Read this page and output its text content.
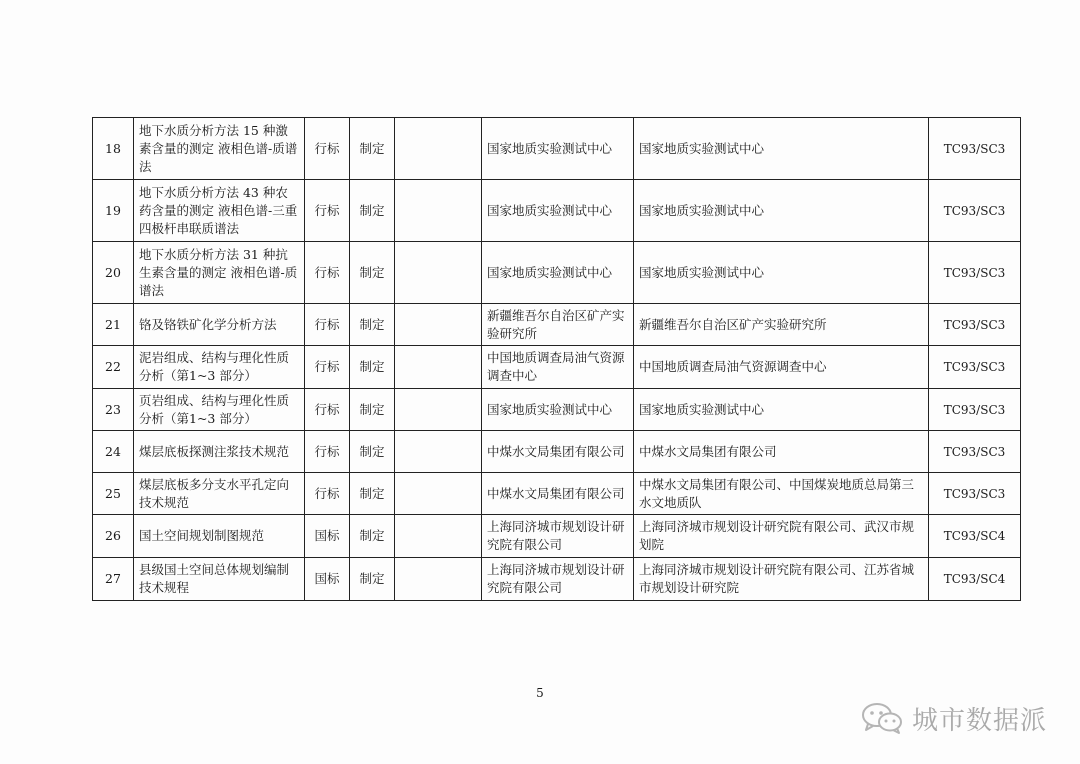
18	地下水质分析方法 15 种激素含量的测定 液相色谱-质谱法	行标	制定		国家地质实验测试中心	国家地质实验测试中心	TC93/SC3
19	地下水质分析方法 43 种农药含量的测定 液相色谱-三重四极杆串联质谱法	行标	制定		国家地质实验测试中心	国家地质实验测试中心	TC93/SC3
20	地下水质分析方法 31 种抗生素含量的测定 液相色谱-质谱法	行标	制定		国家地质实验测试中心	国家地质实验测试中心	TC93/SC3
21	铬及铬铁矿化学分析方法	行标	制定		新疆维吾尔自治区矿产实验研究所	新疆维吾尔自治区矿产实验研究所	TC93/SC3
22	泥岩组成、结构与理化性质分析（第1~3 部分）	行标	制定		中国地质调查局油气资源调查中心	中国地质调查局油气资源调查中心	TC93/SC3
23	页岩组成、结构与理化性质分析（第1~3 部分）	行标	制定		国家地质实验测试中心	国家地质实验测试中心	TC93/SC3
24	煤层底板探测注浆技术规范	行标	制定		中煤水文局集团有限公司	中煤水文局集团有限公司	TC93/SC3
25	煤层底板多分支水平孔定向技术规范	行标	制定		中煤水文局集团有限公司	中煤水文局集团有限公司、中国煤炭地质总局第三水文地质队	TC93/SC3
26	国土空间规划制图规范	国标	制定		上海同济城市规划设计研究院有限公司	上海同济城市规划设计研究院有限公司、武汉市规划院	TC93/SC4
27	县级国土空间总体规划编制技术规程	国标	制定		上海同济城市规划设计研究院有限公司	上海同济城市规划设计研究院有限公司、江苏省城市规划设计研究院	TC93/SC4
5
城市数据派
